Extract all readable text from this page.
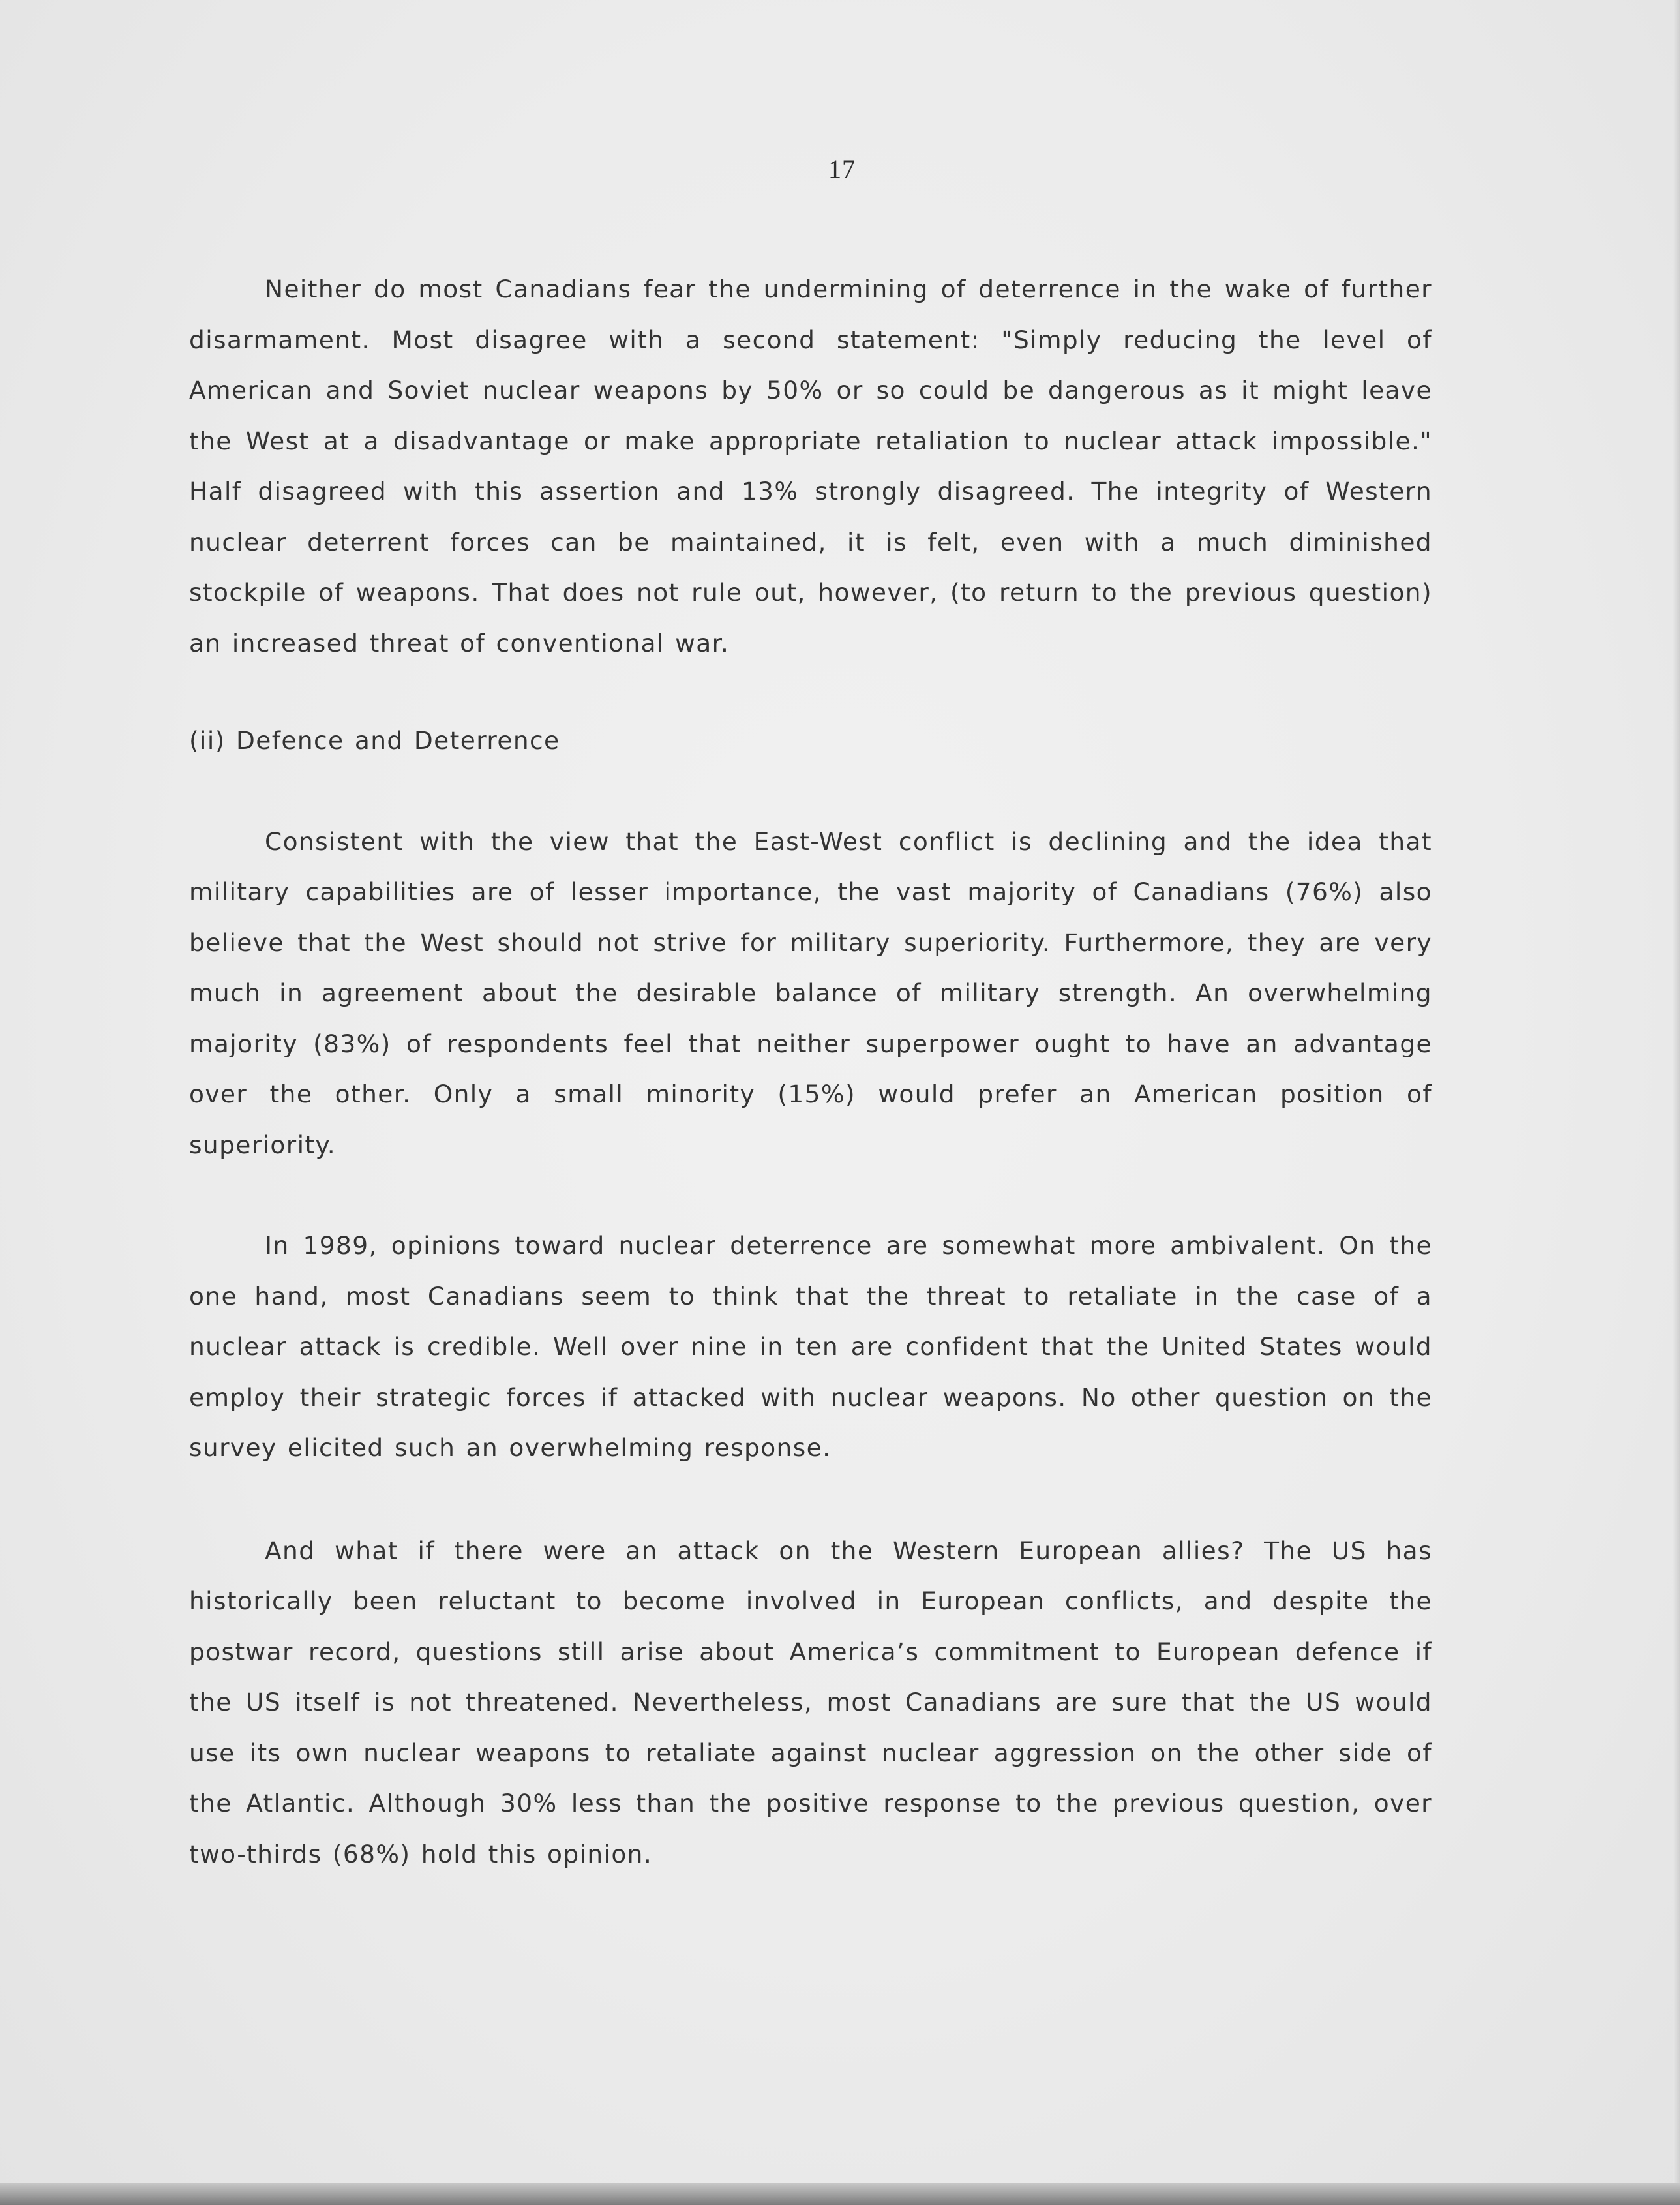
17

Neither do most Canadians fear the undermining of deterrence in the wake of further disarmament. Most disagree with a second statement: "Simply reducing the level of American and Soviet nuclear weapons by 50% or so could be dangerous as it might leave the West at a disadvantage or make appropriate retaliation to nuclear attack impossible." Half disagreed with this assertion and 13% strongly disagreed. The integrity of Western nuclear deterrent forces can be maintained, it is felt, even with a much diminished stockpile of weapons. That does not rule out, however, (to return to the previous question) an increased threat of conventional war.

(ii) Defence and Deterrence

Consistent with the view that the East-West conflict is declining and the idea that military capabilities are of lesser importance, the vast majority of Canadians (76%) also believe that the West should not strive for military superiority. Furthermore, they are very much in agreement about the desirable balance of military strength. An overwhelming majority (83%) of respondents feel that neither superpower ought to have an advantage over the other. Only a small minority (15%) would prefer an American position of superiority.

In 1989, opinions toward nuclear deterrence are somewhat more ambivalent. On the one hand, most Canadians seem to think that the threat to retaliate in the case of a nuclear attack is credible. Well over nine in ten are confident that the United States would employ their strategic forces if attacked with nuclear weapons. No other question on the survey elicited such an overwhelming response.

And what if there were an attack on the Western European allies? The US has historically been reluctant to become involved in European conflicts, and despite the postwar record, questions still arise about America’s commitment to European defence if the US itself is not threatened. Nevertheless, most Canadians are sure that the US would use its own nuclear weapons to retaliate against nuclear aggression on the other side of the Atlantic. Although 30% less than the positive response to the previous question, over two-thirds (68%) hold this opinion.
